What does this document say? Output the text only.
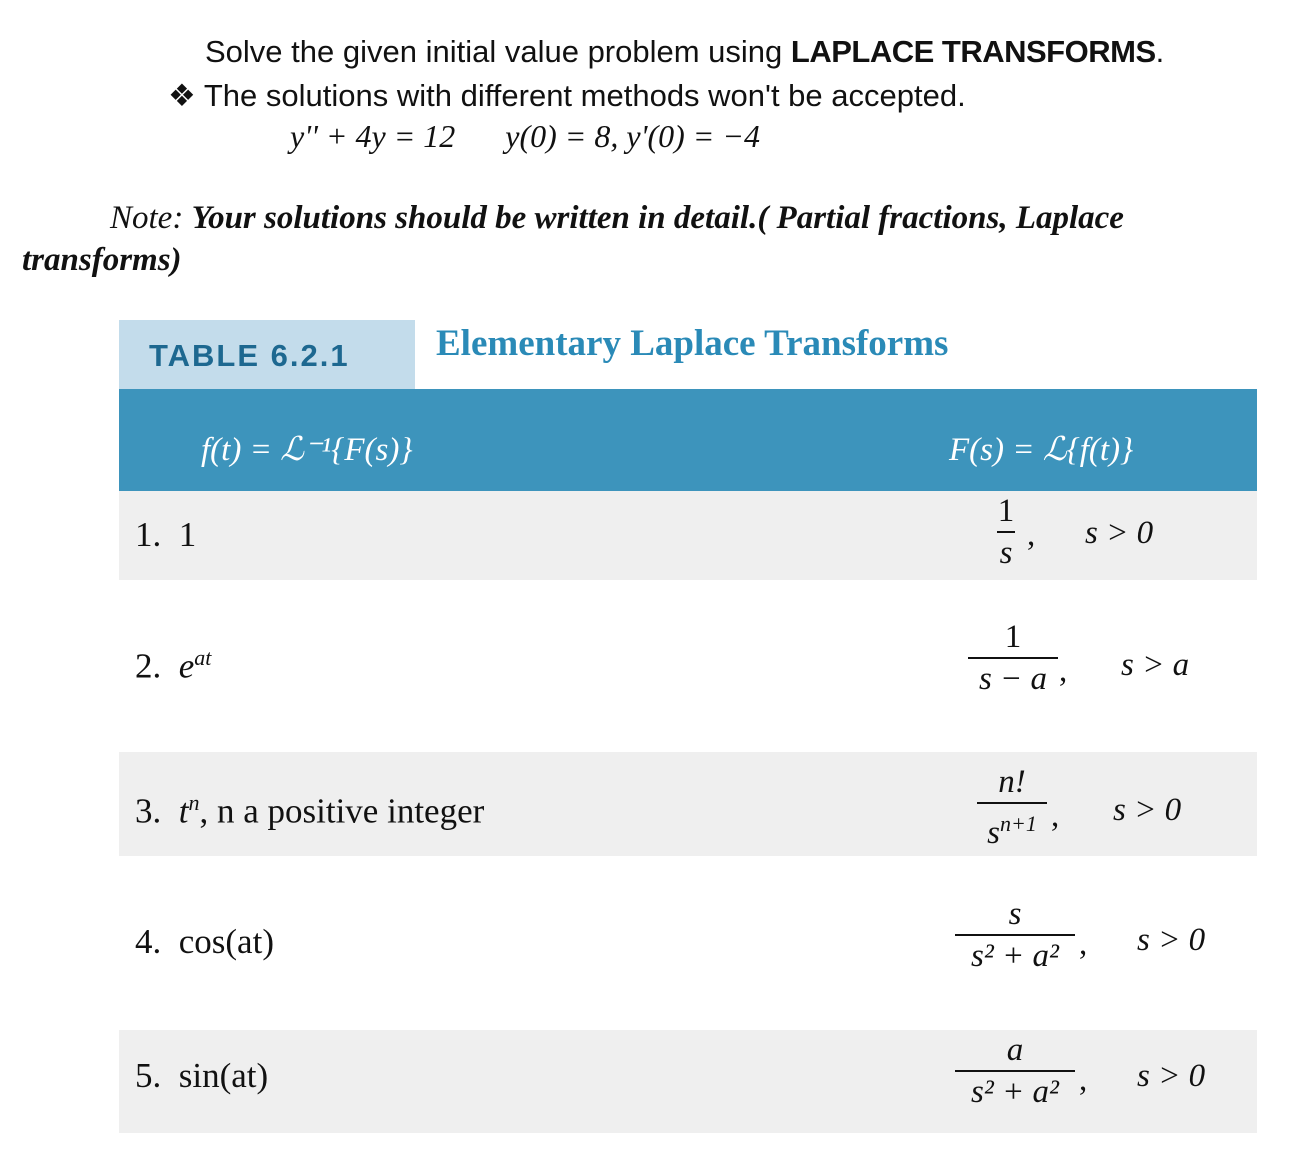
Solve the given initial value problem using LAPLACE TRANSFORMS.
❖ The solutions with different methods won't be accepted.
y'' + 4y = 12 y(0) = 8, y'(0) = −4
Note: Your solutions should be written in detail.( Partial fractions, Laplace
transforms)
TABLE 6.2.1 Elementary Laplace Transforms
f(t) = ℒ⁻¹{F(s)}	F(s) = ℒ{f(t)}
1. 1
1
s , s > 0
2. $e^{at}$
1
s − a , s > a
3. $t^n$, n a positive integer
n!
$s^{n+1}$ , s > 0
4. cos(at)
s
s² + a² , s > 0
5. sin(at)
a
s² + a² , s > 0
